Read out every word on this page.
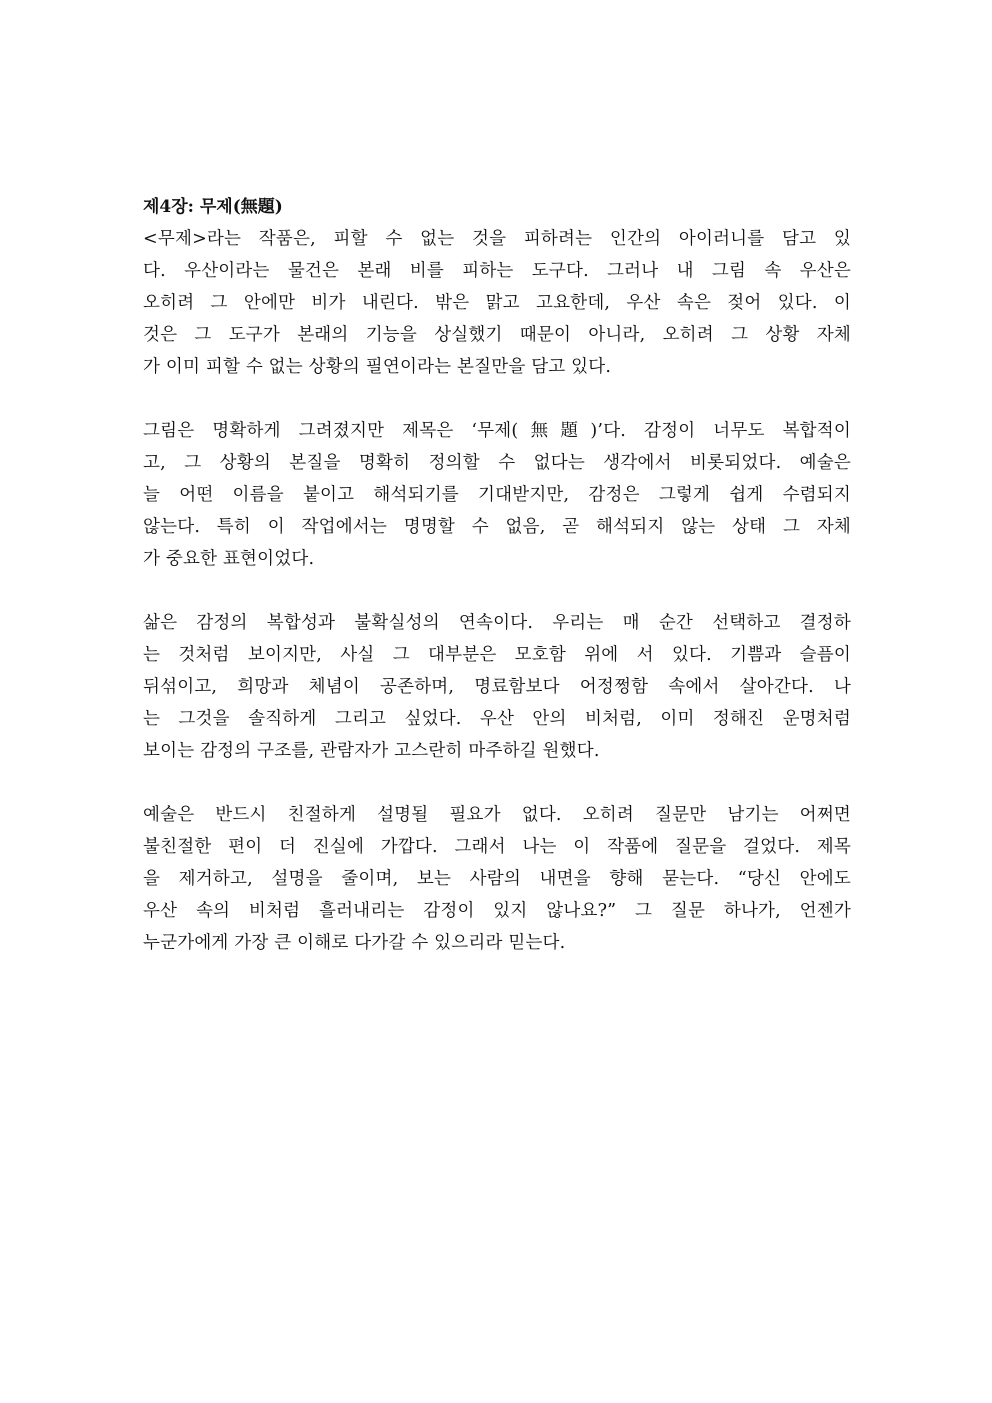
제4장: 무제(無題)
<무제>라는 작품은, 피할 수 없는 것을 피하려는 인간의 아이러니를 담고 있
다. 우산이라는 물건은 본래 비를 피하는 도구다. 그러나 내 그림 속 우산은
오히려 그 안에만 비가 내린다. 밖은 맑고 고요한데, 우산 속은 젖어 있다. 이
것은 그 도구가 본래의 기능을 상실했기 때문이 아니라, 오히려 그 상황 자체
가 이미 피할 수 없는 상황의 필연이라는 본질만을 담고 있다.
그림은 명확하게 그려졌지만 제목은 ‘무제(無題)’다. 감정이 너무도 복합적이
고, 그 상황의 본질을 명확히 정의할 수 없다는 생각에서 비롯되었다. 예술은
늘 어떤 이름을 붙이고 해석되기를 기대받지만, 감정은 그렇게 쉽게 수렴되지
않는다. 특히 이 작업에서는 명명할 수 없음, 곧 해석되지 않는 상태 그 자체
가 중요한 표현이었다.
삶은 감정의 복합성과 불확실성의 연속이다. 우리는 매 순간 선택하고 결정하
는 것처럼 보이지만, 사실 그 대부분은 모호함 위에 서 있다. 기쁨과 슬픔이
뒤섞이고, 희망과 체념이 공존하며, 명료함보다 어정쩡함 속에서 살아간다. 나
는 그것을 솔직하게 그리고 싶었다. 우산 안의 비처럼, 이미 정해진 운명처럼
보이는 감정의 구조를, 관람자가 고스란히 마주하길 원했다.
예술은 반드시 친절하게 설명될 필요가 없다. 오히려 질문만 남기는 어쩌면
불친절한 편이 더 진실에 가깝다. 그래서 나는 이 작품에 질문을 걸었다. 제목
을 제거하고, 설명을 줄이며, 보는 사람의 내면을 향해 묻는다. “당신 안에도
우산 속의 비처럼 흘러내리는 감정이 있지 않나요?” 그 질문 하나가, 언젠가
누군가에게 가장 큰 이해로 다가갈 수 있으리라 믿는다.
